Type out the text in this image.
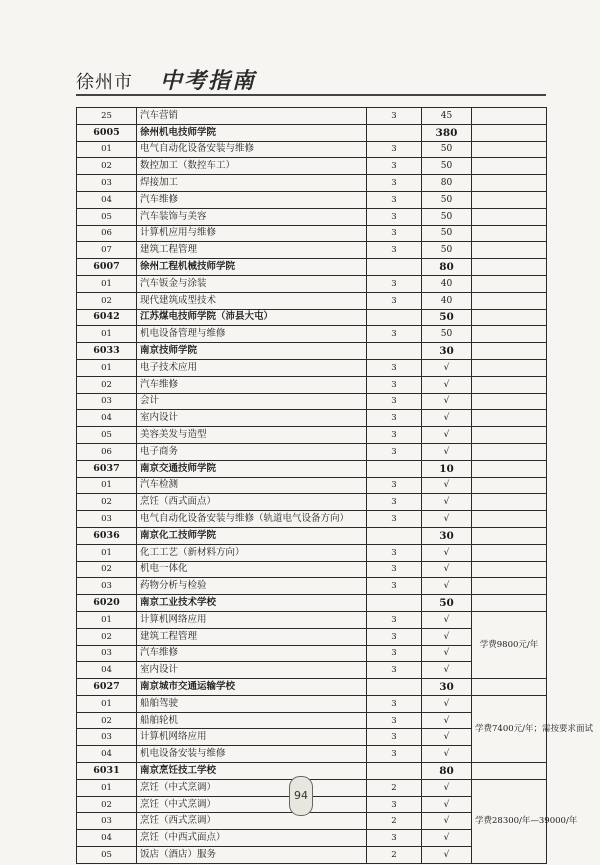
徐州市 中考指南
25	汽车营销	3	45	
6005	徐州机电技师学院		380	
01	电气自动化设备安装与维修	3	50	
02	数控加工（数控车工）	3	50	
03	焊接加工	3	80	
04	汽车维修	3	50	
05	汽车装饰与美容	3	50	
06	计算机应用与维修	3	50	
07	建筑工程管理	3	50	
6007	徐州工程机械技师学院		80	
01	汽车钣金与涂装	3	40	
02	现代建筑成型技术	3	40	
6042	江苏煤电技师学院（沛县大屯）		50	
01	机电设备管理与维修	3	50	
6033	南京技师学院		30	
01	电子技术应用	3	√	
02	汽车维修	3	√	
03	会计	3	√	
04	室内设计	3	√	
05	美容美发与造型	3	√	
06	电子商务	3	√	
6037	南京交通技师学院		10	
01	汽车检测	3	√	
02	烹饪（西式面点）	3	√	
03	电气自动化设备安装与维修（轨道电气设备方向）	3	√	
6036	南京化工技师学院		30	
01	化工工艺（新材料方向）	3	√	
02	机电一体化	3	√	
03	药物分析与检验	3	√	
6020	南京工业技术学校		50	
01	计算机网络应用	3	√	学费9800元/年
02	建筑工程管理	3	√	
03	汽车维修	3	√	
04	室内设计	3	√	
6027	南京城市交通运输学校		30	
01	船舶驾驶	3	√	学费7400元/年；需按要求面试
02	船舶轮机	3	√	
03	计算机网络应用	3	√	
04	机电设备安装与维修	3	√	
6031	南京烹饪技工学校		80	
01	烹饪（中式烹调）	2	√	学费28300/年—39000/年
02	烹饪（中式烹调）	3	√	
03	烹饪（西式烹调）	2	√	
04	烹饪（中西式面点）	3	√	
05	饭店（酒店）服务	2	√	
94
